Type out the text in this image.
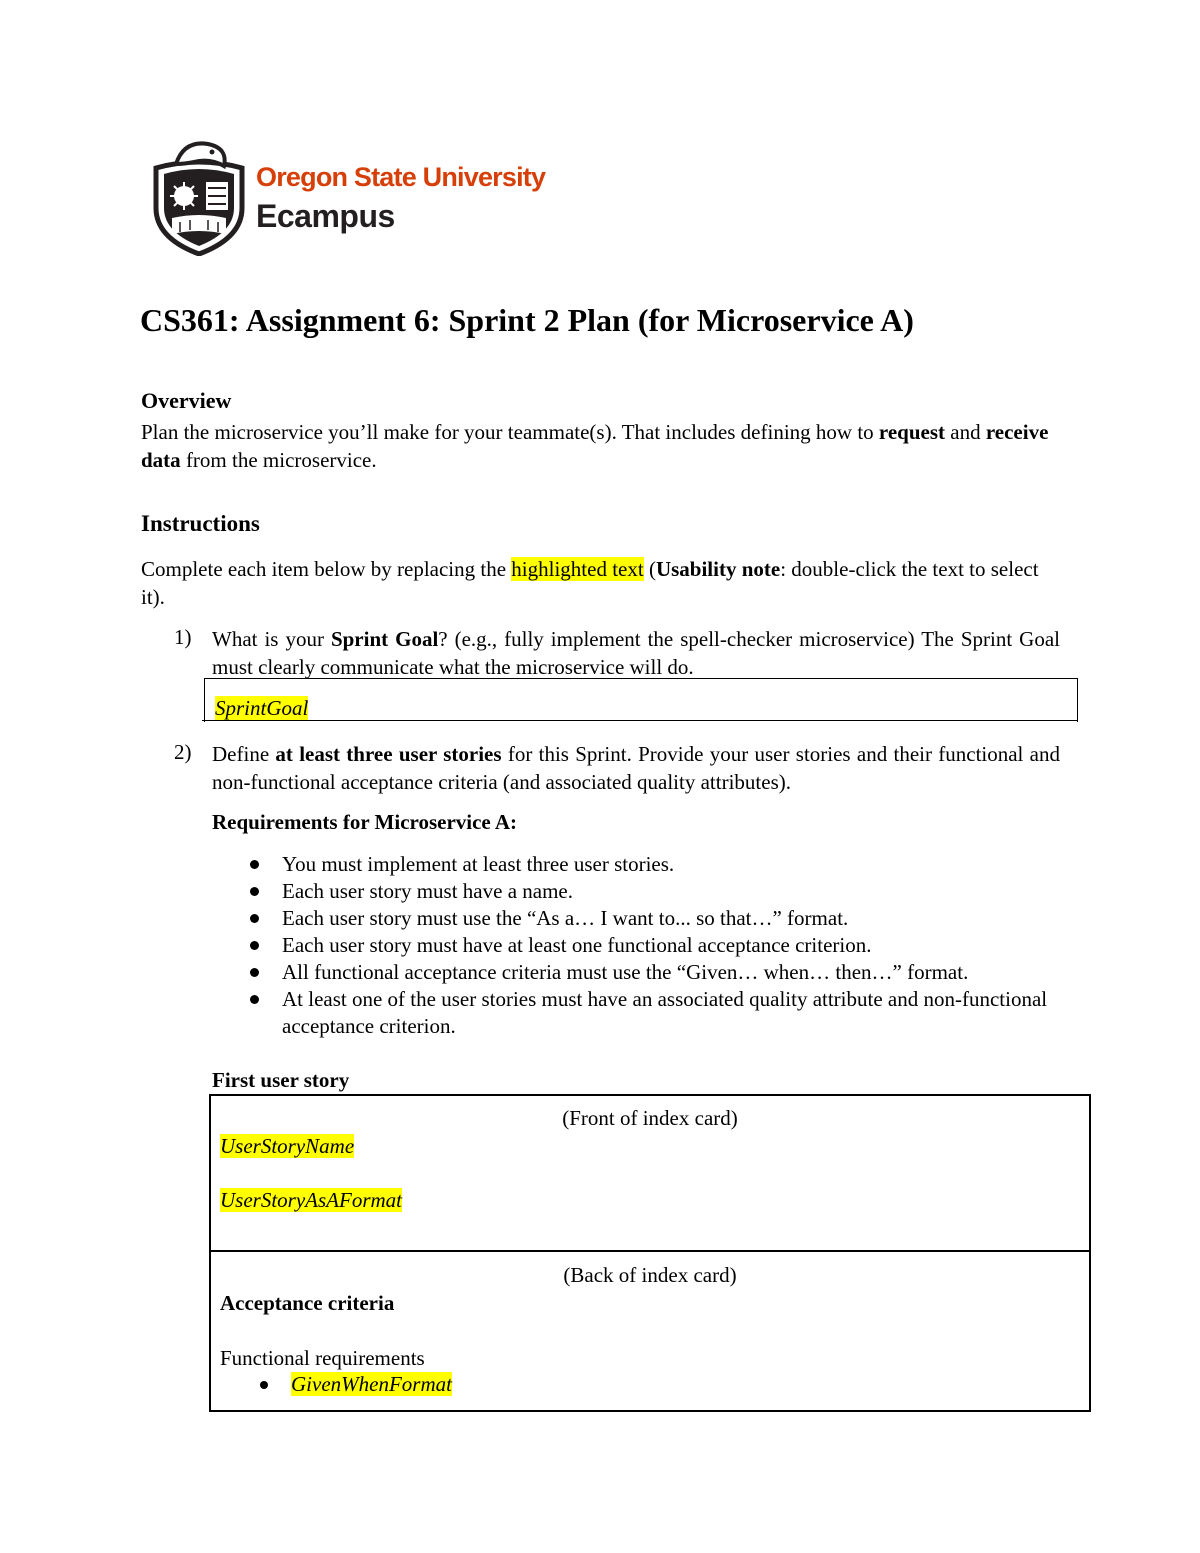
Oregon State University
Ecampus
CS361: Assignment 6: Sprint 2 Plan (for Microservice A)
Overview
Plan the microservice you’ll make for your teammate(s). That includes defining how to request and receive data from the microservice.
Instructions
Complete each item below by replacing the highlighted text (Usability note: double-click the text to select it).
1) What is your Sprint Goal? (e.g., fully implement the spell-checker microservice) The Sprint Goal must clearly communicate what the microservice will do.
SprintGoal
2) Define at least three user stories for this Sprint. Provide your user stories and their functional and non-functional acceptance criteria (and associated quality attributes).
Requirements for Microservice A:
You must implement at least three user stories.
Each user story must have a name.
Each user story must use the “As a… I want to... so that…” format.
Each user story must have at least one functional acceptance criterion.
All functional acceptance criteria must use the “Given… when… then…” format.
At least one of the user stories must have an associated quality attribute and non-functional acceptance criterion.
First user story
(Front of index card)
UserStoryName
UserStoryAsAFormat
(Back of index card)
Acceptance criteria
Functional requirements
GivenWhenFormat
